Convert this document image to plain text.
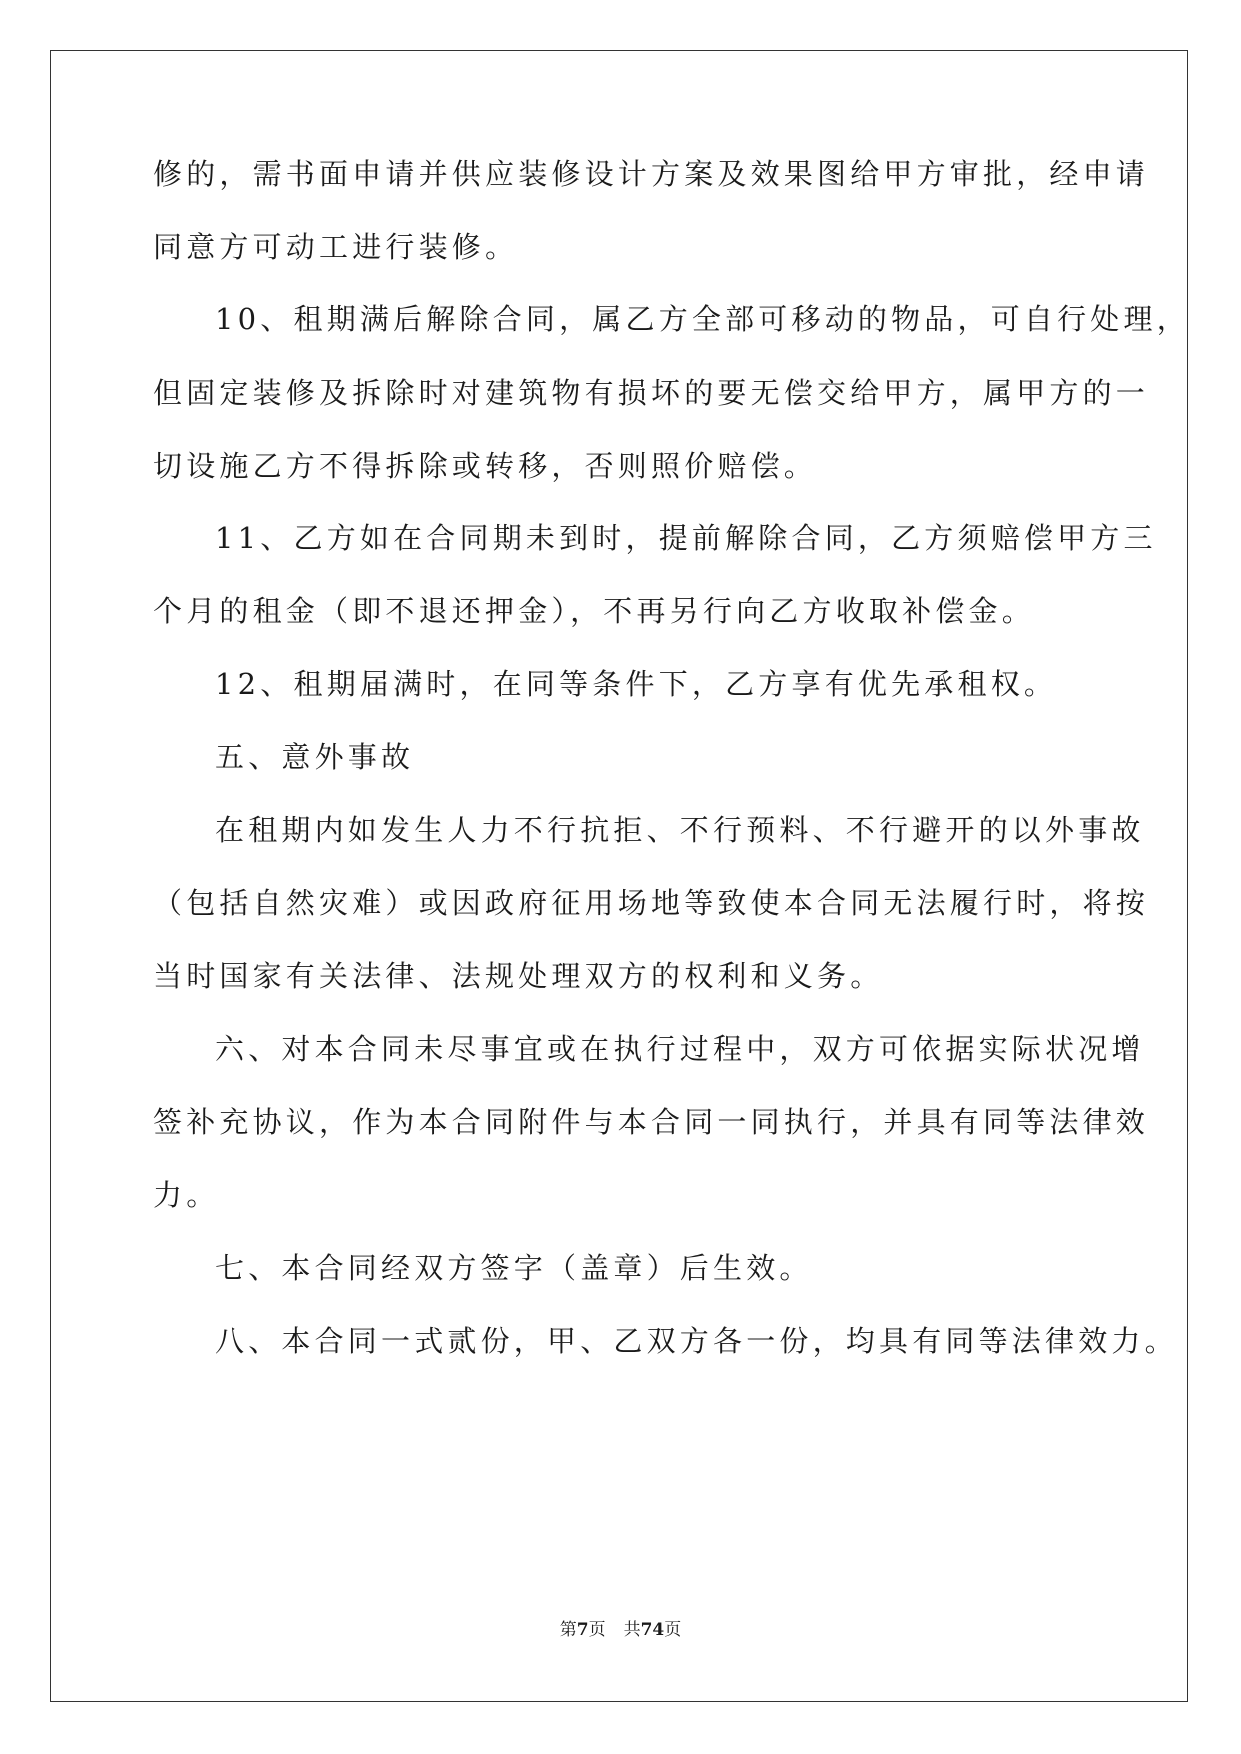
修的，需书面申请并供应装修设计方案及效果图给甲方审批，经申请
同意方可动工进行装修。
10、租期满后解除合同，属乙方全部可移动的物品，可自行处理，
但固定装修及拆除时对建筑物有损坏的要无偿交给甲方，属甲方的一
切设施乙方不得拆除或转移，否则照价赔偿。
11、乙方如在合同期未到时，提前解除合同，乙方须赔偿甲方三
个月的租金（即不退还押金），不再另行向乙方收取补偿金。
12、租期届满时，在同等条件下，乙方享有优先承租权。
五、意外事故
在租期内如发生人力不行抗拒、不行预料、不行避开的以外事故
（包括自然灾难）或因政府征用场地等致使本合同无法履行时，将按
当时国家有关法律、法规处理双方的权利和义务。
六、对本合同未尽事宜或在执行过程中，双方可依据实际状况增
签补充协议，作为本合同附件与本合同一同执行，并具有同等法律效
力。
七、本合同经双方签字（盖章）后生效。
八、本合同一式贰份，甲、乙双方各一份，均具有同等法律效力。
第7页 共74页
